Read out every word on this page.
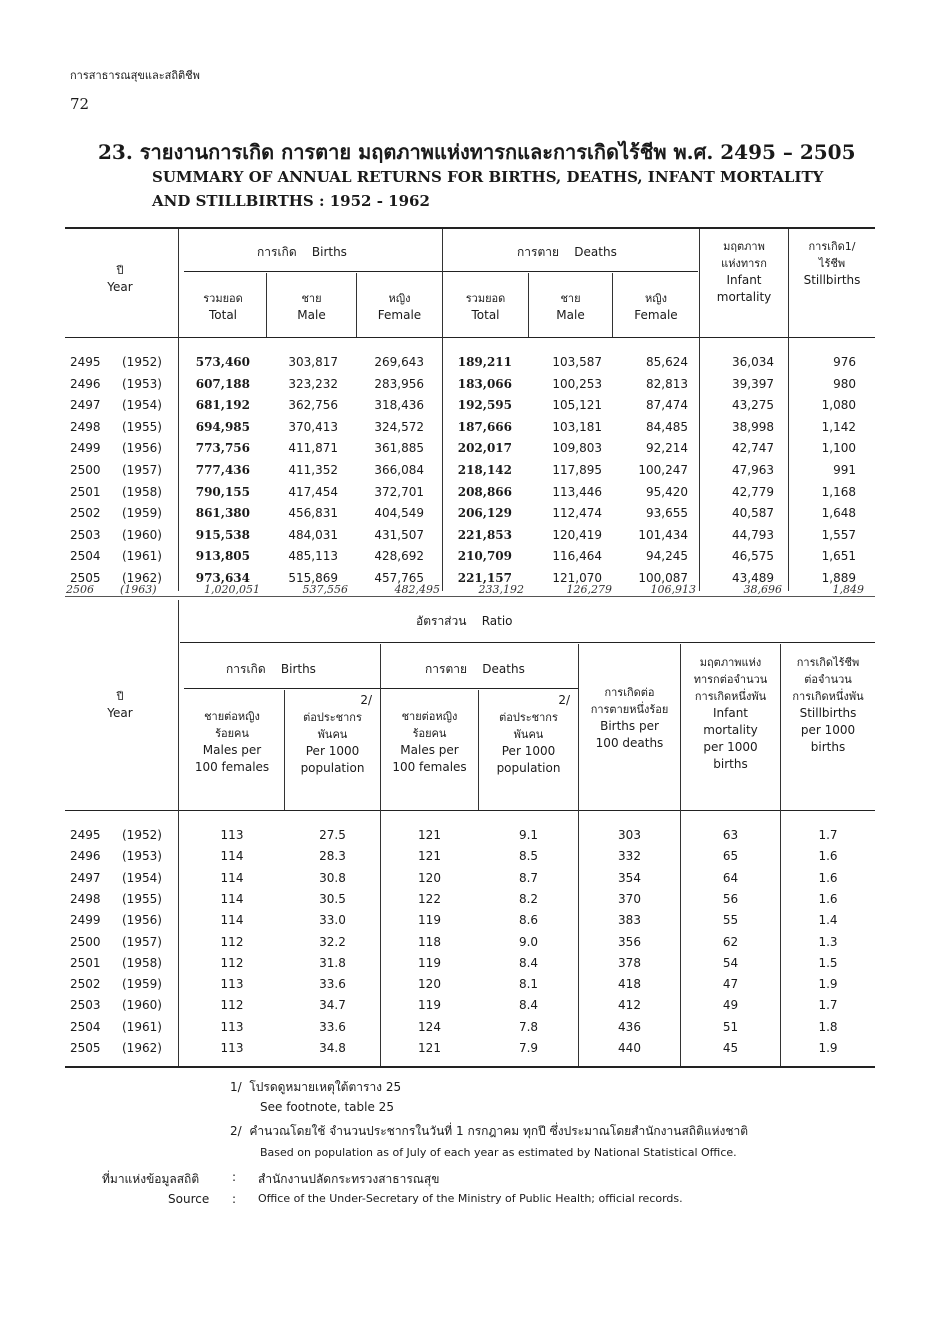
การสาธารณสุขและสถิติชีพ
72
23. รายงานการเกิด การตาย มฤตภาพแห่งทารกและการเกิดไร้ชีพ พ.ศ. 2495 – 2505
SUMMARY OF ANNUAL RETURNS FOR BIRTHS, DEATHS, INFANT MORTALITY
AND STILLBIRTHS : 1952 - 1962
ปี
Year
การเกิด Births	การตาย Deaths
รวมยอด
Total
ชาย
Male
หญิง
Female
รวมยอด
Total
ชาย
Male
หญิง
Female
มฤตภาพ
แห่งทารก
Infant
mortality
การเกิด1/
ไร้ชีพ
Stillbirths
2495	(1952)	573,460	303,817	269,643	189,211	103,587	85,624	36,034	976
2496	(1953)	607,188	323,232	283,956	183,066	100,253	82,813	39,397	980
2497	(1954)	681,192	362,756	318,436	192,595	105,121	87,474	43,275	1,080
2498	(1955)	694,985	370,413	324,572	187,666	103,181	84,485	38,998	1,142
2499	(1956)	773,756	411,871	361,885	202,017	109,803	92,214	42,747	1,100
2500	(1957)	777,436	411,352	366,084	218,142	117,895	100,247	47,963	991
2501	(1958)	790,155	417,454	372,701	208,866	113,446	95,420	42,779	1,168
2502	(1959)	861,380	456,831	404,549	206,129	112,474	93,655	40,587	1,648
2503	(1960)	915,538	484,031	431,507	221,853	120,419	101,434	44,793	1,557
2504	(1961)	913,805	485,113	428,692	210,709	116,464	94,245	46,575	1,651
2505	(1962)	973,634	515,869	457,765	221,157	121,070	100,087	43,489	1,889
2506	(1963)	1,020,051	537,556	482,495	233,192	126,279	106,913	38,696	1,849
อัตราส่วน Ratio
ปี
Year
การเกิด Births	การตาย Deaths
ชายต่อหญิง
ร้อยคน
Males per
100 females
2/
ต่อประชากร
พันคน
Per 1000
population
ชายต่อหญิง
ร้อยคน
Males per
100 females
2/
ต่อประชากร
พันคน
Per 1000
population
การเกิดต่อ
การตายหนึ่งร้อย
Births per
100 deaths
มฤตภาพแห่ง
ทารกต่อจำนวน
การเกิดหนึ่งพัน
Infant
mortality
per 1000
births
การเกิดไร้ชีพ
ต่อจำนวน
การเกิดหนึ่งพัน
Stillbirths
per 1000
births
2495	(1952)	113	27.5	121	9.1	303	63	1.7
2496	(1953)	114	28.3	121	8.5	332	65	1.6
2497	(1954)	114	30.8	120	8.7	354	64	1.6
2498	(1955)	114	30.5	122	8.2	370	56	1.6
2499	(1956)	114	33.0	119	8.6	383	55	1.4
2500	(1957)	112	32.2	118	9.0	356	62	1.3
2501	(1958)	112	31.8	119	8.4	378	54	1.5
2502	(1959)	113	33.6	120	8.1	418	47	1.9
2503	(1960)	112	34.7	119	8.4	412	49	1.7
2504	(1961)	113	33.6	124	7.8	436	51	1.8
2505	(1962)	113	34.8	121	7.9	440	45	1.9
1/ โปรดดูหมายเหตุใต้ตาราง 25
See footnote, table 25
2/ คำนวณโดยใช้ จำนวนประชากรในวันที่ 1 กรกฎาคม ทุกปี ซึ่งประมาณโดยสำนักงานสถิติแห่งชาติ
Based on population as of July of each year as estimated by National Statistical Office.
ที่มาแห่งข้อมูลสถิติ	: สำนักงานปลัดกระทรวงสาธารณสุข
Source : Office of the Under-Secretary of the Ministry of Public Health; official records.
